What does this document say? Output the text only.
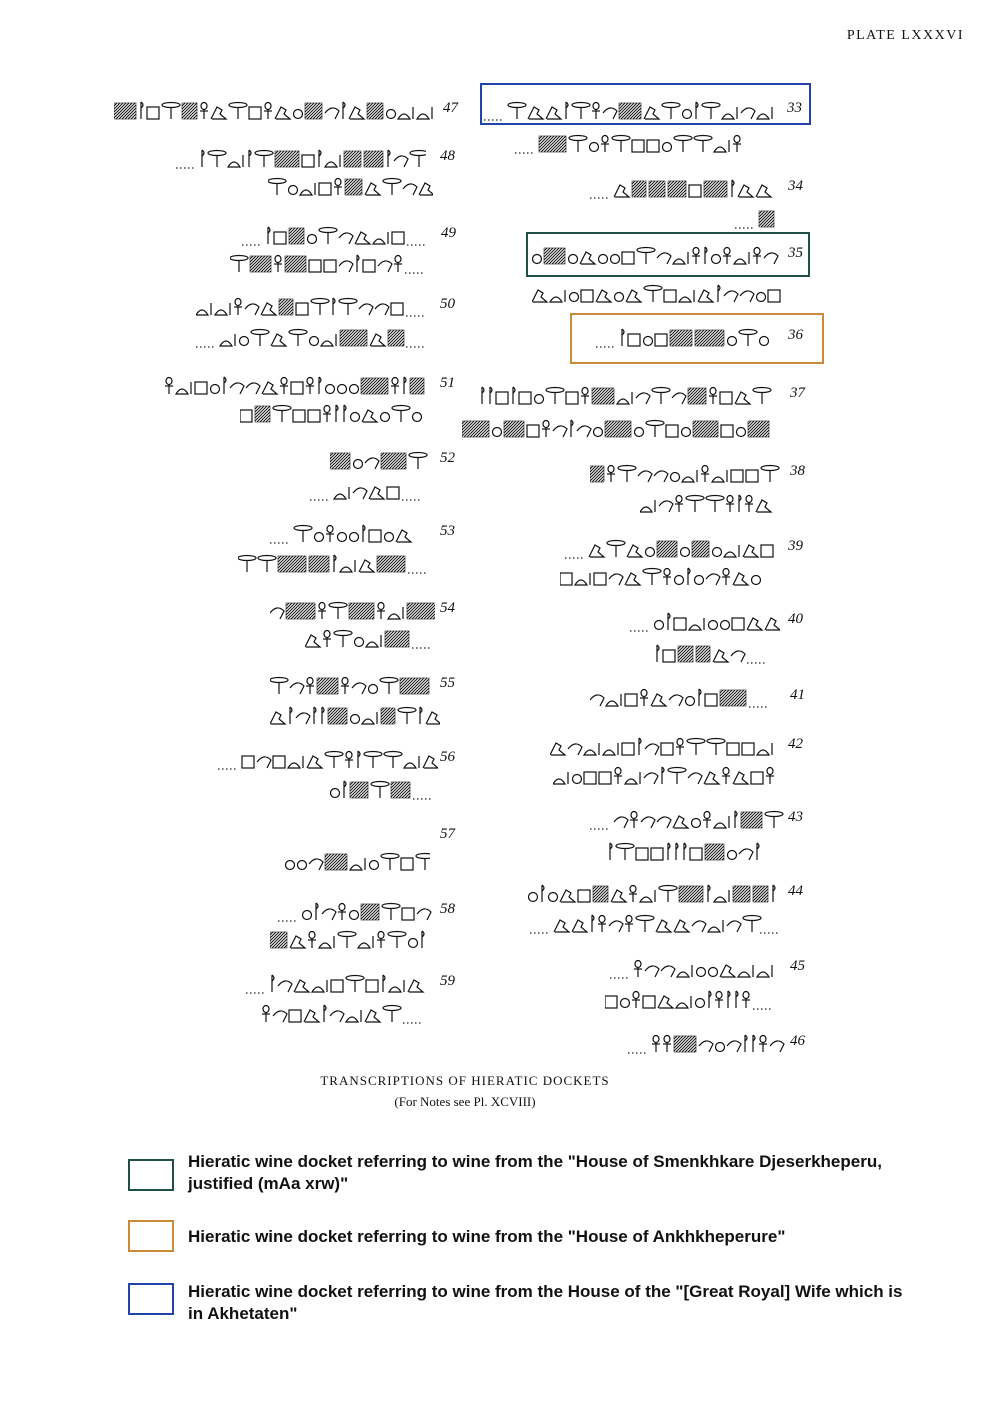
PLATE LXXXVI
47
48
49
50
51
52
53
54
55
56
58
59
33
34
35
36
37
38
39
40
41
42
43
44
45
46
57
TRANSCRIPTIONS OF HIERATIC DOCKETS
(For Notes see Pl. XCVIII)
Hieratic wine docket referring to wine from the "House of Smenkhkare Djeserkheperu, justified (mAa xrw)"
Hieratic wine docket referring to wine from the "House of Ankhkheperure"
Hieratic wine docket referring to wine from the House of the "[Great Royal] Wife which is in Akhetaten"
